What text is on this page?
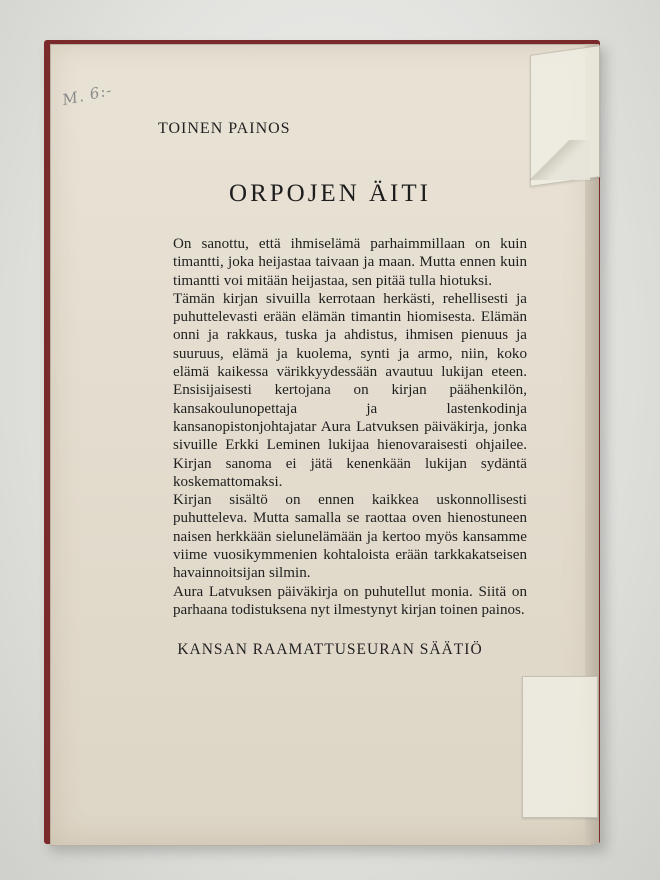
M. 6:-
TOINEN PAINOS
ORPOJEN ÄITI

On sanottu, että ihmiselämä parhaimmillaan on kuin timantti, joka heijastaa taivaan ja maan. Mutta ennen kuin timantti voi mitään heijastaa, sen pitää tulla hiotuksi.

Tämän kirjan sivuilla kerrotaan herkästi, rehellisesti ja puhuttelevasti erään elämän timantin hiomisesta. Elämän onni ja rakkaus, tuska ja ahdistus, ihmisen pienuus ja suuruus, elämä ja kuolema, synti ja armo, niin, koko elämä kaikessa värikkyydessään avautuu lukijan eteen. Ensisijaisesti kertojana on kirjan päähenkilön, kansakoulunopettaja ja lastenkodinja kansanopistonjohtajatar Aura Latvuksen päiväkirja, jonka sivuille Erkki Leminen lukijaa hienovaraisesti ohjailee. Kirjan sanoma ei jätä kenenkään lukijan sydäntä koskemattomaksi.

Kirjan sisältö on ennen kaikkea uskonnollisesti puhutteleva. Mutta samalla se raottaa oven hienostuneen naisen herkkään sielunelämään ja kertoo myös kansamme viime vuosikymmenien kohtaloista erään tarkkakatseisen havainnoitsijan silmin.

Aura Latvuksen päiväkirja on puhutellut monia. Siitä on parhaana todistuksena nyt ilmestynyt kirjan toinen painos.

KANSAN RAAMATTUSEURAN SÄÄTIÖ
